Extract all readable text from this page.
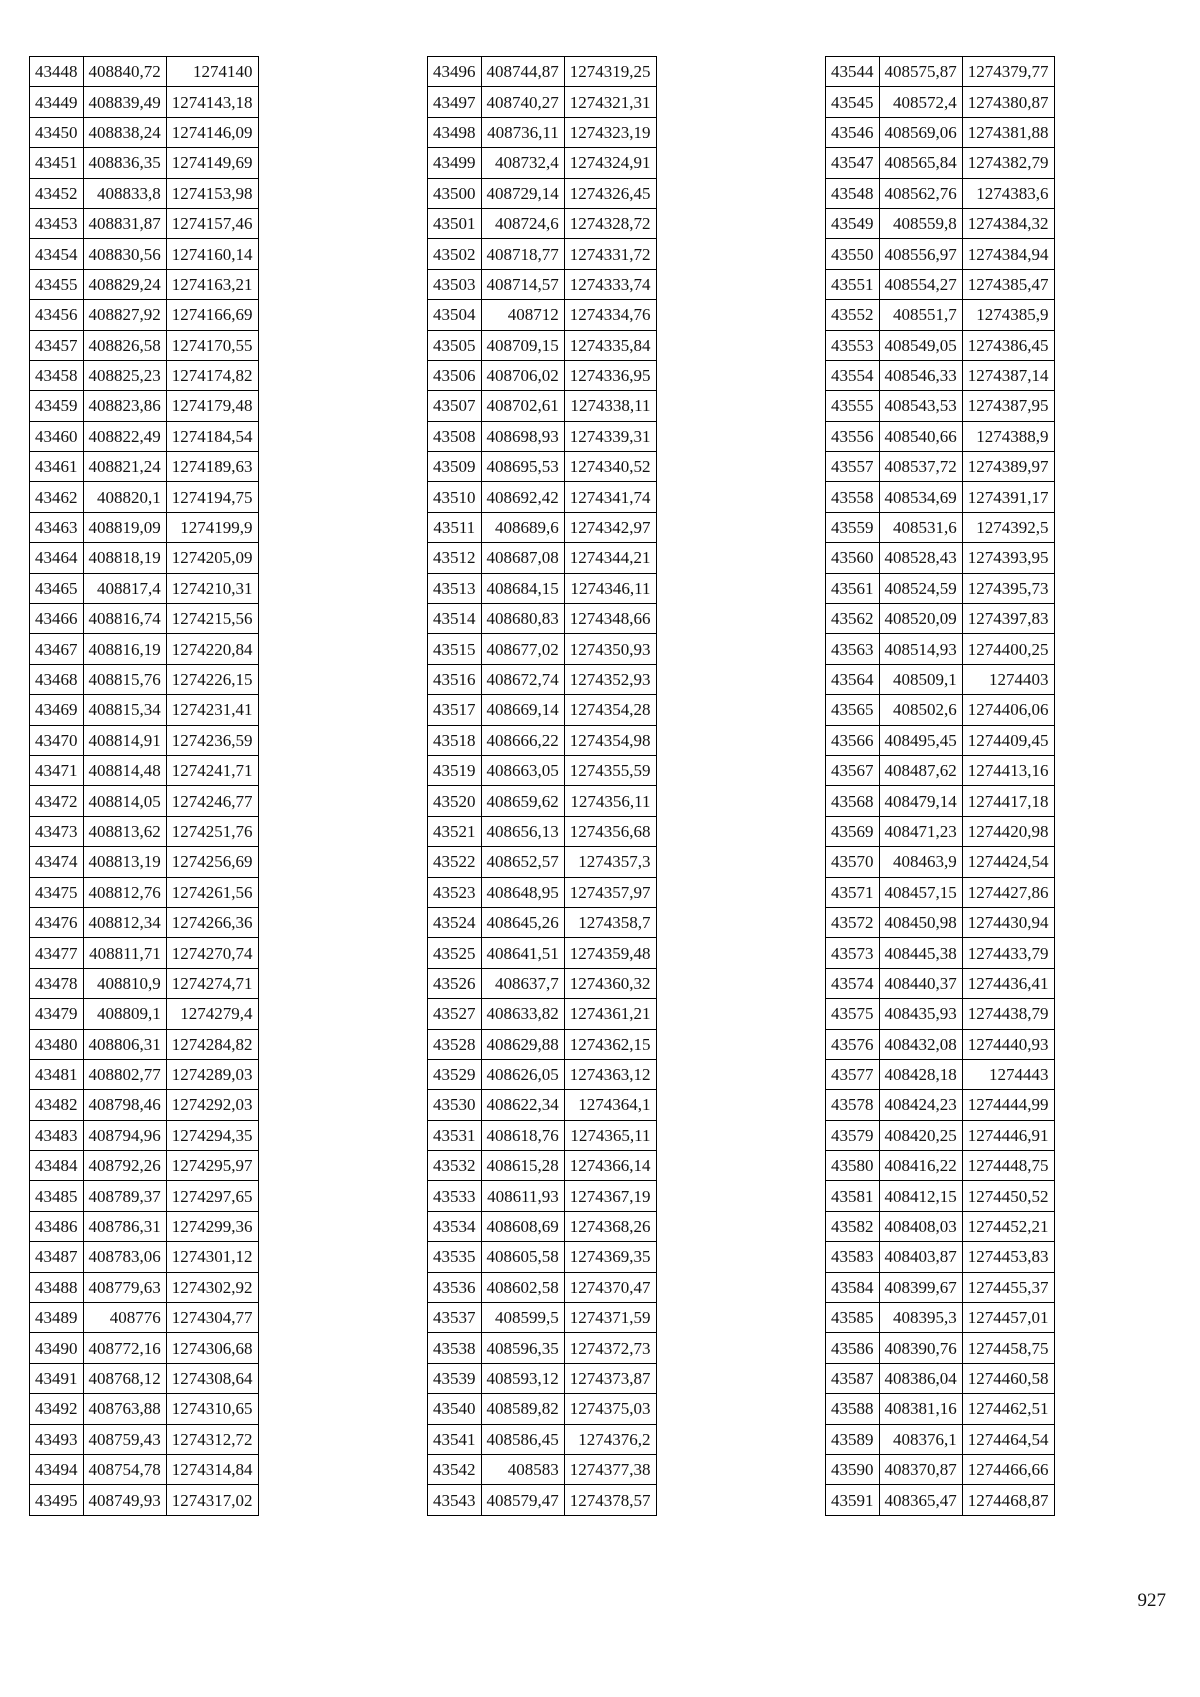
43448	408840,72	1274140
43449	408839,49	1274143,18
43450	408838,24	1274146,09
43451	408836,35	1274149,69
43452	408833,8	1274153,98
43453	408831,87	1274157,46
43454	408830,56	1274160,14
43455	408829,24	1274163,21
43456	408827,92	1274166,69
43457	408826,58	1274170,55
43458	408825,23	1274174,82
43459	408823,86	1274179,48
43460	408822,49	1274184,54
43461	408821,24	1274189,63
43462	408820,1	1274194,75
43463	408819,09	1274199,9
43464	408818,19	1274205,09
43465	408817,4	1274210,31
43466	408816,74	1274215,56
43467	408816,19	1274220,84
43468	408815,76	1274226,15
43469	408815,34	1274231,41
43470	408814,91	1274236,59
43471	408814,48	1274241,71
43472	408814,05	1274246,77
43473	408813,62	1274251,76
43474	408813,19	1274256,69
43475	408812,76	1274261,56
43476	408812,34	1274266,36
43477	408811,71	1274270,74
43478	408810,9	1274274,71
43479	408809,1	1274279,4
43480	408806,31	1274284,82
43481	408802,77	1274289,03
43482	408798,46	1274292,03
43483	408794,96	1274294,35
43484	408792,26	1274295,97
43485	408789,37	1274297,65
43486	408786,31	1274299,36
43487	408783,06	1274301,12
43488	408779,63	1274302,92
43489	408776	1274304,77
43490	408772,16	1274306,68
43491	408768,12	1274308,64
43492	408763,88	1274310,65
43493	408759,43	1274312,72
43494	408754,78	1274314,84
43495	408749,93	1274317,02
43496	408744,87	1274319,25
43497	408740,27	1274321,31
43498	408736,11	1274323,19
43499	408732,4	1274324,91
43500	408729,14	1274326,45
43501	408724,6	1274328,72
43502	408718,77	1274331,72
43503	408714,57	1274333,74
43504	408712	1274334,76
43505	408709,15	1274335,84
43506	408706,02	1274336,95
43507	408702,61	1274338,11
43508	408698,93	1274339,31
43509	408695,53	1274340,52
43510	408692,42	1274341,74
43511	408689,6	1274342,97
43512	408687,08	1274344,21
43513	408684,15	1274346,11
43514	408680,83	1274348,66
43515	408677,02	1274350,93
43516	408672,74	1274352,93
43517	408669,14	1274354,28
43518	408666,22	1274354,98
43519	408663,05	1274355,59
43520	408659,62	1274356,11
43521	408656,13	1274356,68
43522	408652,57	1274357,3
43523	408648,95	1274357,97
43524	408645,26	1274358,7
43525	408641,51	1274359,48
43526	408637,7	1274360,32
43527	408633,82	1274361,21
43528	408629,88	1274362,15
43529	408626,05	1274363,12
43530	408622,34	1274364,1
43531	408618,76	1274365,11
43532	408615,28	1274366,14
43533	408611,93	1274367,19
43534	408608,69	1274368,26
43535	408605,58	1274369,35
43536	408602,58	1274370,47
43537	408599,5	1274371,59
43538	408596,35	1274372,73
43539	408593,12	1274373,87
43540	408589,82	1274375,03
43541	408586,45	1274376,2
43542	408583	1274377,38
43543	408579,47	1274378,57
43544	408575,87	1274379,77
43545	408572,4	1274380,87
43546	408569,06	1274381,88
43547	408565,84	1274382,79
43548	408562,76	1274383,6
43549	408559,8	1274384,32
43550	408556,97	1274384,94
43551	408554,27	1274385,47
43552	408551,7	1274385,9
43553	408549,05	1274386,45
43554	408546,33	1274387,14
43555	408543,53	1274387,95
43556	408540,66	1274388,9
43557	408537,72	1274389,97
43558	408534,69	1274391,17
43559	408531,6	1274392,5
43560	408528,43	1274393,95
43561	408524,59	1274395,73
43562	408520,09	1274397,83
43563	408514,93	1274400,25
43564	408509,1	1274403
43565	408502,6	1274406,06
43566	408495,45	1274409,45
43567	408487,62	1274413,16
43568	408479,14	1274417,18
43569	408471,23	1274420,98
43570	408463,9	1274424,54
43571	408457,15	1274427,86
43572	408450,98	1274430,94
43573	408445,38	1274433,79
43574	408440,37	1274436,41
43575	408435,93	1274438,79
43576	408432,08	1274440,93
43577	408428,18	1274443
43578	408424,23	1274444,99
43579	408420,25	1274446,91
43580	408416,22	1274448,75
43581	408412,15	1274450,52
43582	408408,03	1274452,21
43583	408403,87	1274453,83
43584	408399,67	1274455,37
43585	408395,3	1274457,01
43586	408390,76	1274458,75
43587	408386,04	1274460,58
43588	408381,16	1274462,51
43589	408376,1	1274464,54
43590	408370,87	1274466,66
43591	408365,47	1274468,87
927
